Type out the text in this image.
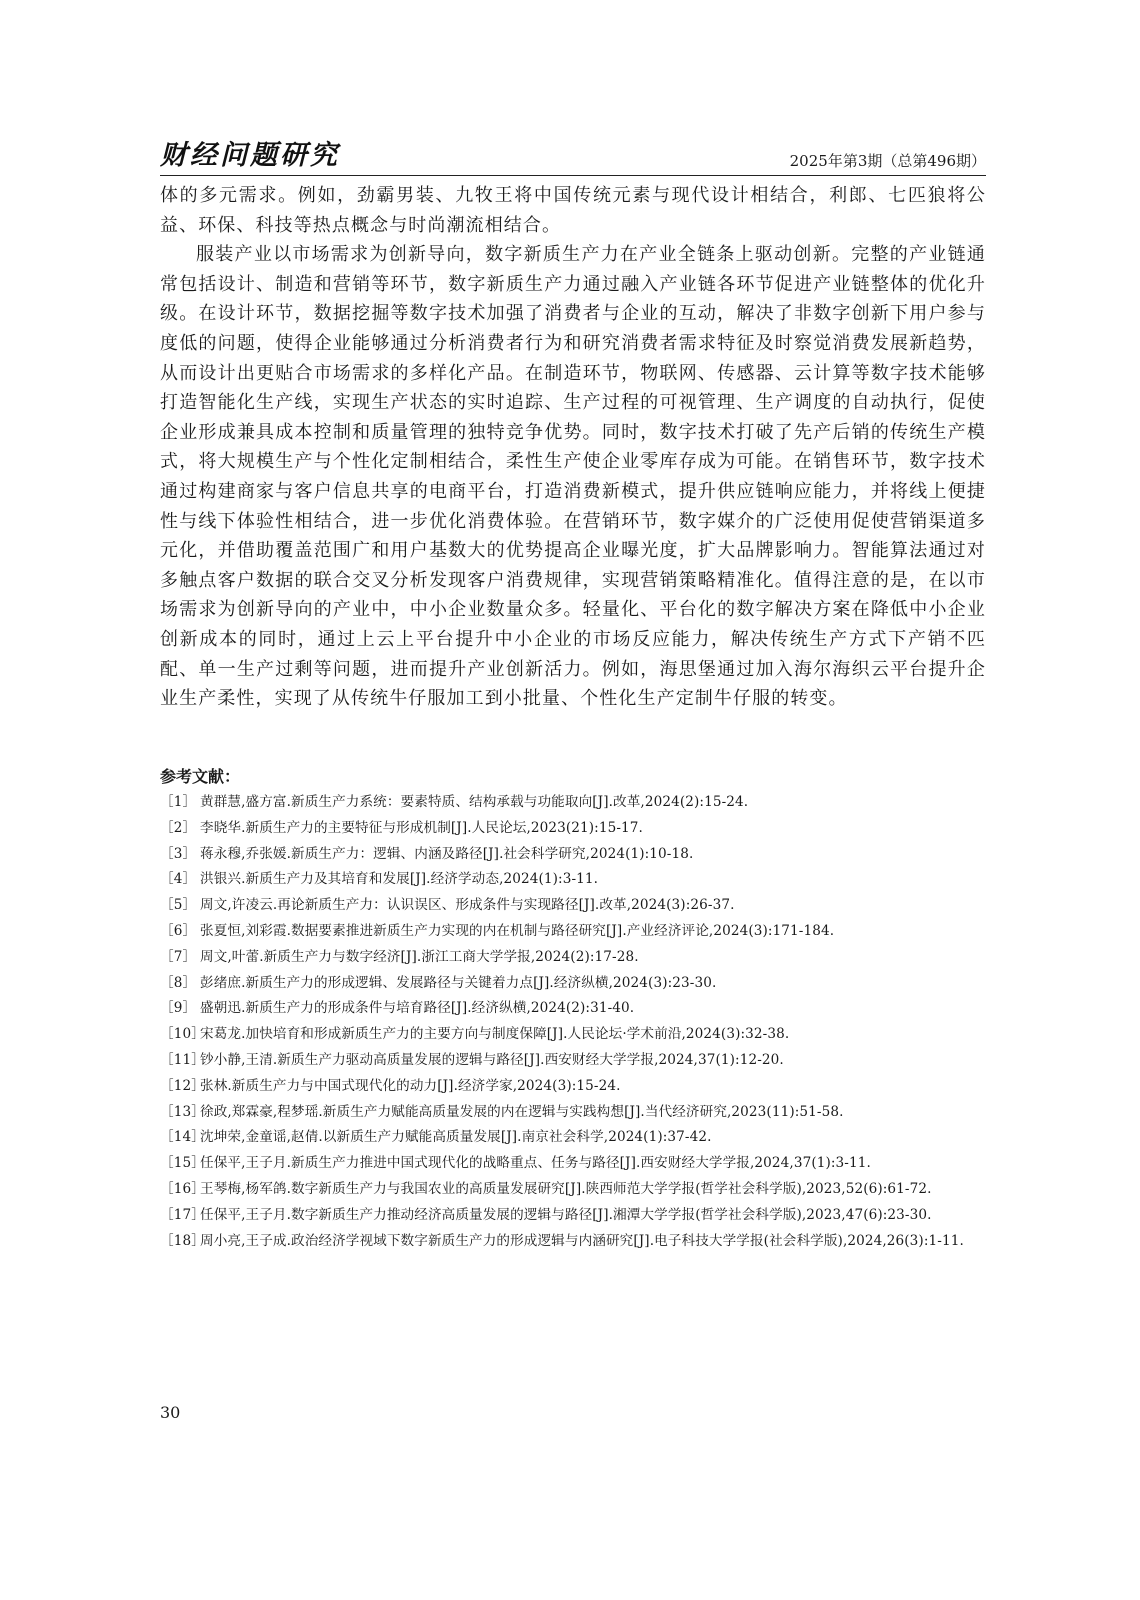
财经问题研究	2025年第3期（总第496期）

体的多元需求。例如，劲霸男装、九牧王将中国传统元素与现代设计相结合，利郎、七匹狼将公益、环保、科技等热点概念与时尚潮流相结合。

服装产业以市场需求为创新导向，数字新质生产力在产业全链条上驱动创新。完整的产业链通常包括设计、制造和营销等环节，数字新质生产力通过融入产业链各环节促进产业链整体的优化升级。在设计环节，数据挖掘等数字技术加强了消费者与企业的互动，解决了非数字创新下用户参与度低的问题，使得企业能够通过分析消费者行为和研究消费者需求特征及时察觉消费发展新趋势，从而设计出更贴合市场需求的多样化产品。在制造环节，物联网、传感器、云计算等数字技术能够打造智能化生产线，实现生产状态的实时追踪、生产过程的可视管理、生产调度的自动执行，促使企业形成兼具成本控制和质量管理的独特竞争优势。同时，数字技术打破了先产后销的传统生产模式，将大规模生产与个性化定制相结合，柔性生产使企业零库存成为可能。在销售环节，数字技术通过构建商家与客户信息共享的电商平台，打造消费新模式，提升供应链响应能力，并将线上便捷性与线下体验性相结合，进一步优化消费体验。在营销环节，数字媒介的广泛使用促使营销渠道多元化，并借助覆盖范围广和用户基数大的优势提高企业曝光度，扩大品牌影响力。智能算法通过对多触点客户数据的联合交叉分析发现客户消费规律，实现营销策略精准化。值得注意的是，在以市场需求为创新导向的产业中，中小企业数量众多。轻量化、平台化的数字解决方案在降低中小企业创新成本的同时，通过上云上平台提升中小企业的市场反应能力，解决传统生产方式下产销不匹配、单一生产过剩等问题，进而提升产业创新活力。例如，海思堡通过加入海尔海织云平台提升企业生产柔性，实现了从传统牛仔服加工到小批量、个性化生产定制牛仔服的转变。

参考文献：
［1］ 黄群慧,盛方富.新质生产力系统：要素特质、结构承载与功能取向[J].改革,2024(2):15-24.
［2］ 李晓华.新质生产力的主要特征与形成机制[J].人民论坛,2023(21):15-17.
［3］ 蒋永穆,乔张媛.新质生产力：逻辑、内涵及路径[J].社会科学研究,2024(1):10-18.
［4］ 洪银兴.新质生产力及其培育和发展[J].经济学动态,2024(1):3-11.
［5］ 周文,许凌云.再论新质生产力：认识误区、形成条件与实现路径[J].改革,2024(3):26-37.
［6］ 张夏恒,刘彩霞.数据要素推进新质生产力实现的内在机制与路径研究[J].产业经济评论,2024(3):171-184.
［7］ 周文,叶蕾.新质生产力与数字经济[J].浙江工商大学学报,2024(2):17-28.
［8］ 彭绪庶.新质生产力的形成逻辑、发展路径与关键着力点[J].经济纵横,2024(3):23-30.
［9］ 盛朝迅.新质生产力的形成条件与培育路径[J].经济纵横,2024(2):31-40.
［10］
宋葛龙.加快培育和形成新质生产力的主要方向与制度保障[J].人民论坛·学术前沿,2024(3):32-38.
［11］
钞小静,王清.新质生产力驱动高质量发展的逻辑与路径[J].西安财经大学学报,2024,37(1):12-20.
［12］
张林.新质生产力与中国式现代化的动力[J].经济学家,2024(3):15-24.
［13］
徐政,郑霖豪,程梦瑶.新质生产力赋能高质量发展的内在逻辑与实践构想[J].当代经济研究,2023(11):51-58.
［14］
沈坤荣,金童谣,赵倩.以新质生产力赋能高质量发展[J].南京社会科学,2024(1):37-42.
［15］
任保平,王子月.新质生产力推进中国式现代化的战略重点、任务与路径[J].西安财经大学学报,2024,37(1):3-11.
［16］
王琴梅,杨军鸽.数字新质生产力与我国农业的高质量发展研究[J].陕西师范大学学报(哲学社会科学版),2023,52(6):61-72.
［17］
任保平,王子月.数字新质生产力推动经济高质量发展的逻辑与路径[J].湘潭大学学报(哲学社会科学版),2023,47(6):23-30.
［18］
周小亮,王子成.政治经济学视域下数字新质生产力的形成逻辑与内涵研究[J].电子科技大学学报(社会科学版),2024,26(3):1-11.
30
